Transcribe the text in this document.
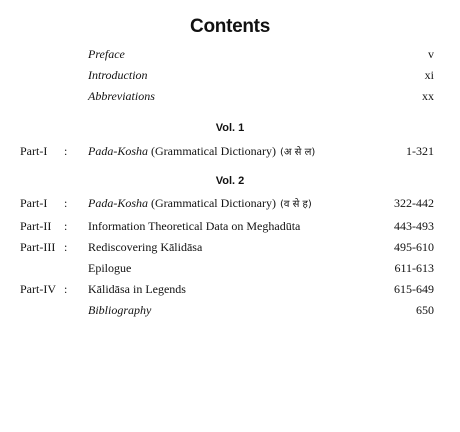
Contents
Preface	v
Introduction	xi
Abbreviations	xx
Vol. 1
Part-I : Pada-Kosha (Grammatical Dictionary) (अ से ल)	1-321
Vol. 2
Part-I : Pada-Kosha (Grammatical Dictionary) (व से ह)	322-442
Part-II : Information Theoretical Data on Meghadūta	443-493
Part-III : Rediscovering Kālidāsa	495-610
Epilogue	611-613
Part-IV : Kālidāsa in Legends	615-649
Bibliography	650
